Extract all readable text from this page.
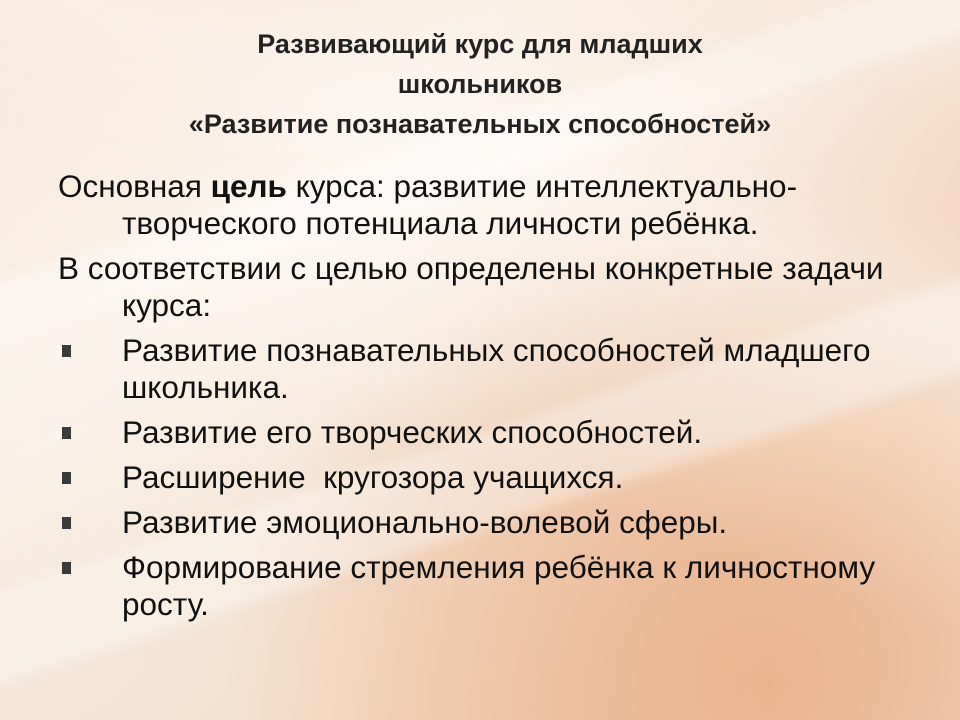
Развивающий курс для младших
школьников
«Развитие познавательных способностей»

Основная цель курса: развитие интеллектуально-творческого потенциала личности ребёнка.

В соответствии с целью определены конкретные задачи курса:

Развитие познавательных способностей младшего школьника.
Развитие его творческих способностей.
Расширение  кругозора учащихся.
Развитие эмоционально-волевой сферы.
Формирование стремления ребёнка к личностному росту.
